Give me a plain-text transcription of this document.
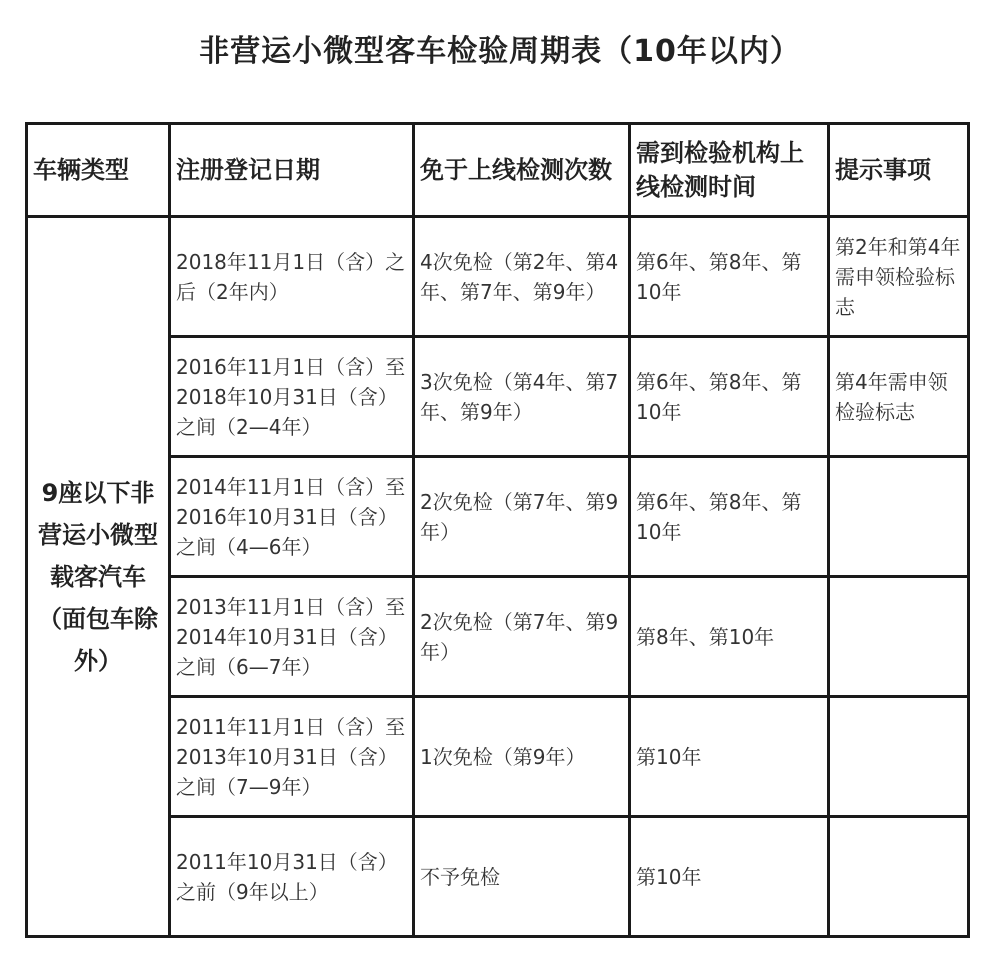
非营运小微型客车检验周期表（10年以内）
车辆类型	注册登记日期	免于上线检测次数	需到检验机构上线检测时间	提示事项
9座以下非营运小微型载客汽车（面包车除外）	2018年11月1日（含）之后（2年内）	4次免检（第2年、第4年、第7年、第9年）	第6年、第8年、第10年	第2年和第4年需申领检验标志
	2016年11月1日（含）至2018年10月31日（含）之间（2—4年）	3次免检（第4年、第7年、第9年）	第6年、第8年、第10年	第4年需申领检验标志
	2014年11月1日（含）至2016年10月31日（含）之间（4—6年）	2次免检（第7年、第9年）	第6年、第8年、第10年	
	2013年11月1日（含）至2014年10月31日（含）之间（6—7年）	2次免检（第7年、第9年）	第8年、第10年	
	2011年11月1日（含）至2013年10月31日（含）之间（7—9年）	1次免检（第9年）	第10年	
	2011年10月31日（含）之前（9年以上）	不予免检	第10年	
